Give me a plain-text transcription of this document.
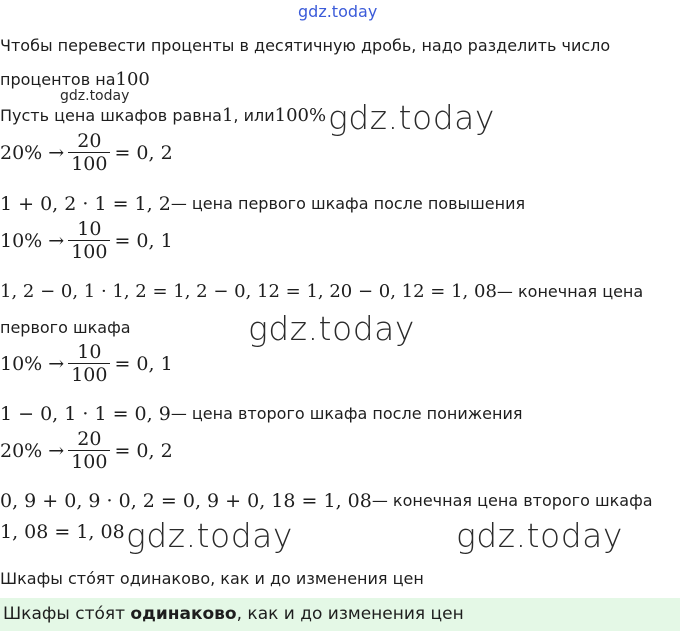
gdz.today
Чтобы перевести проценты в десятичную дробь, надо разделить число
процентов на 100
gdz.today
Пусть цена шкафов равна 1 , или 100% gdz.today
$20\% \to \frac{20}{100} = 0$, 2
1 + 0, 2 · 1 = 1, 2 — цена первого шкафа после повышения
$10\% \to \frac{10}{100} = 0$, 1
1, 2 − 0, 1 · 1, 2 = 1, 2 − 0, 12 = 1, 20 − 0, 12 = 1, 08 — конечная цена
первого шкафа	gdz.today
$10\% \to \frac{10}{100} = 0$, 1
1 − 0, 1 · 1 = 0, 9 — цена второго шкафа после понижения
$20\% \to \frac{20}{100} = 0$, 2
0, 9 + 0, 9 · 0, 2 = 0, 9 + 0, 18 = 1, 08 — конечная цена второго шкафа
1, 08 = 1, 08 gdz.today	gdz.today
Шкафы сто́ят одинаково, как и до изменения цен
Шкафы сто́ят одинаково, как и до изменения цен
